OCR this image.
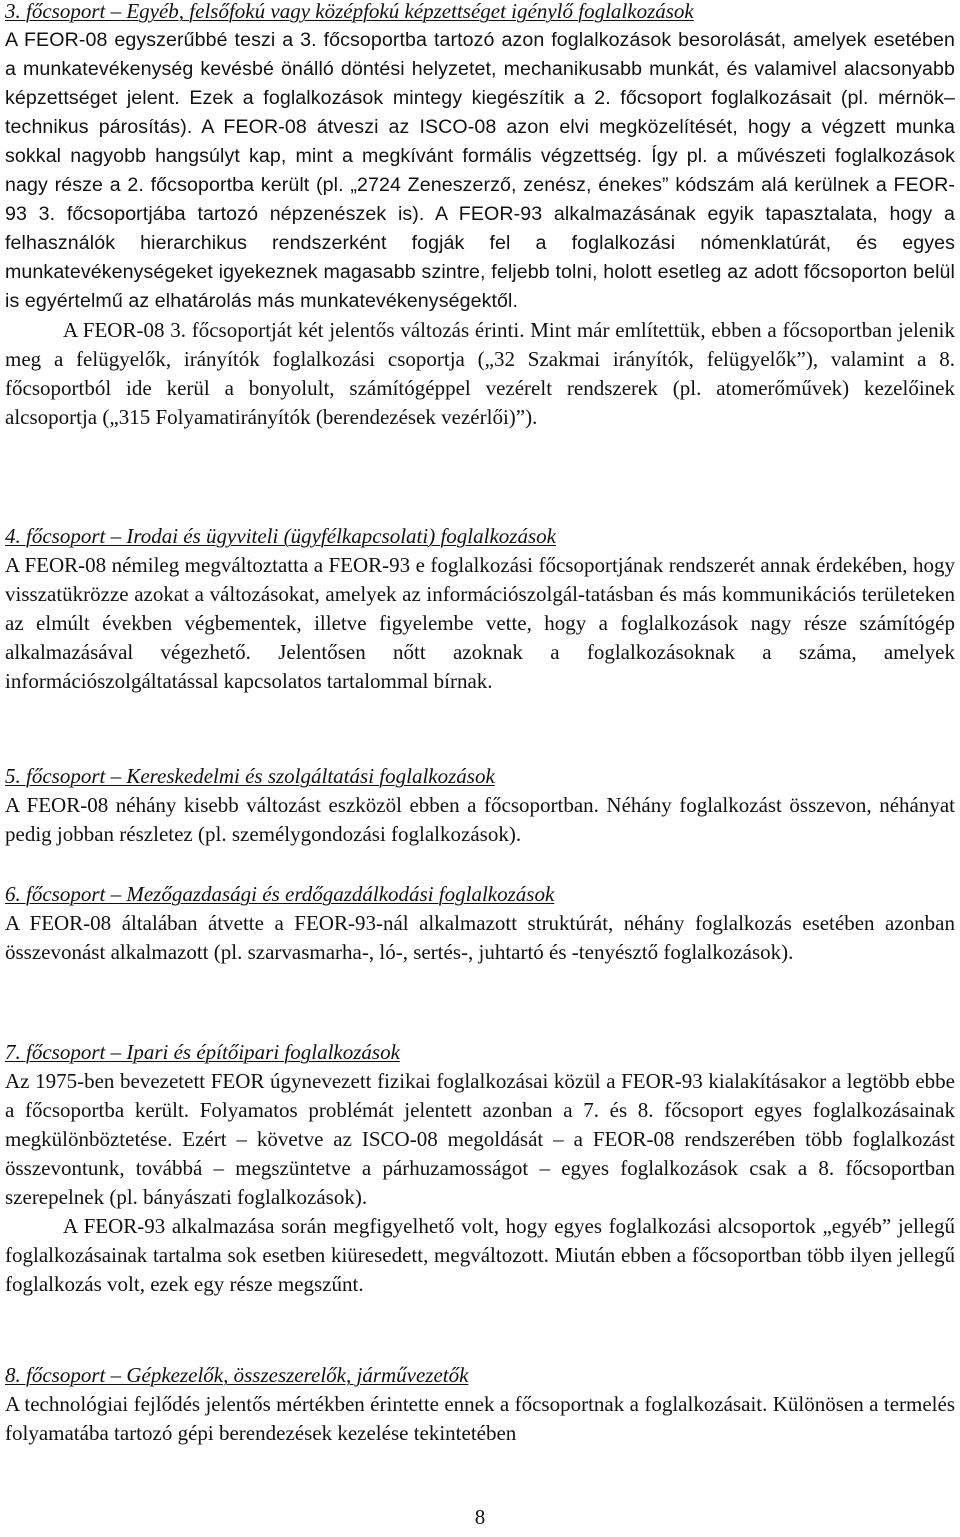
3. főcsoport – Egyéb, felsőfokú vagy középfokú képzettséget igénylő foglalkozások

A FEOR-08 egyszerűbbé teszi a 3. főcsoportba tartozó azon foglalkozások besorolását, amelyek esetében a munkatevékenység kevésbé önálló döntési helyzetet, mechanikusabb munkát, és valamivel alacsonyabb képzettséget jelent. Ezek a foglalkozások mintegy kiegészítik a 2. főcsoport foglalkozásait (pl. mérnök–technikus párosítás). A FEOR-08 átveszi az ISCO-08 azon elvi megközelítését, hogy a végzett munka sokkal nagyobb hangsúlyt kap, mint a megkívánt formális végzettség. Így pl. a művészeti foglalkozások nagy része a 2. főcsoportba került (pl. „2724 Zeneszerző, zenész, énekes” kódszám alá kerülnek a FEOR-93 3. főcsoportjába tartozó népzenészek is). A FEOR-93 alkalmazásának egyik tapasztalata, hogy a felhasználók hierarchikus rendszerként fogják fel a foglalkozási nómenklatúrát, és egyes munkatevékenységeket igyekeznek magasabb szintre, feljebb tolni, holott esetleg az adott főcsoporton belül is egyértelmű az elhatárolás más munkatevékenységektől.

A FEOR-08 3. főcsoportját két jelentős változás érinti. Mint már említettük, ebben a főcsoportban jelenik meg a felügyelők, irányítók foglalkozási csoportja („32 Szakmai irányítók, felügyelők”), valamint a 8. főcsoportból ide kerül a bonyolult, számítógéppel vezérelt rendszerek (pl. atomerőművek) kezelőinek alcsoportja („315 Folyamatirányítók (berendezések vezérlői)”).

4. főcsoport – Irodai és ügyviteli (ügyfélkapcsolati) foglalkozások

A FEOR-08 némileg megváltoztatta a FEOR-93 e foglalkozási főcsoportjának rendszerét annak érdekében, hogy visszatükrözze azokat a változásokat, amelyek az információszolgál-tatásban és más kommunikációs területeken az elmúlt években végbementek, illetve figyelembe vette, hogy a foglalkozások nagy része számítógép alkalmazásával végezhető. Jelentősen nőtt azoknak a foglalkozásoknak a száma, amelyek információszolgáltatással kapcsolatos tartalommal bírnak.

5. főcsoport – Kereskedelmi és szolgáltatási foglalkozások

A FEOR-08 néhány kisebb változást eszközöl ebben a főcsoportban. Néhány foglalkozást összevon, néhányat pedig jobban részletez (pl. személygondozási foglalkozások).

6. főcsoport – Mezőgazdasági és erdőgazdálkodási foglalkozások

A FEOR-08 általában átvette a FEOR-93-nál alkalmazott struktúrát, néhány foglalkozás esetében azonban összevonást alkalmazott (pl. szarvasmarha-, ló-, sertés-, juhtartó és -tenyésztő foglalkozások).

7. főcsoport – Ipari és építőipari foglalkozások

Az 1975-ben bevezetett FEOR úgynevezett fizikai foglalkozásai közül a FEOR-93 kialakításakor a legtöbb ebbe a főcsoportba került. Folyamatos problémát jelentett azonban a 7. és 8. főcsoport egyes foglalkozásainak megkülönböztetése. Ezért – követve az ISCO-08 megoldását – a FEOR-08 rendszerében több foglalkozást összevontunk, továbbá – megszüntetve a párhuzamosságot – egyes foglalkozások csak a 8. főcsoportban szerepelnek (pl. bányászati foglalkozások).

A FEOR-93 alkalmazása során megfigyelhető volt, hogy egyes foglalkozási alcsoportok „egyéb” jellegű foglalkozásainak tartalma sok esetben kiüresedett, megváltozott. Miután ebben a főcsoportban több ilyen jellegű foglalkozás volt, ezek egy része megszűnt.

8. főcsoport – Gépkezelők, összeszerelők, járművezetők

A technológiai fejlődés jelentős mértékben érintette ennek a főcsoportnak a foglalkozásait. Különösen a termelés folyamatába tartozó gépi berendezések kezelése tekintetében

8
